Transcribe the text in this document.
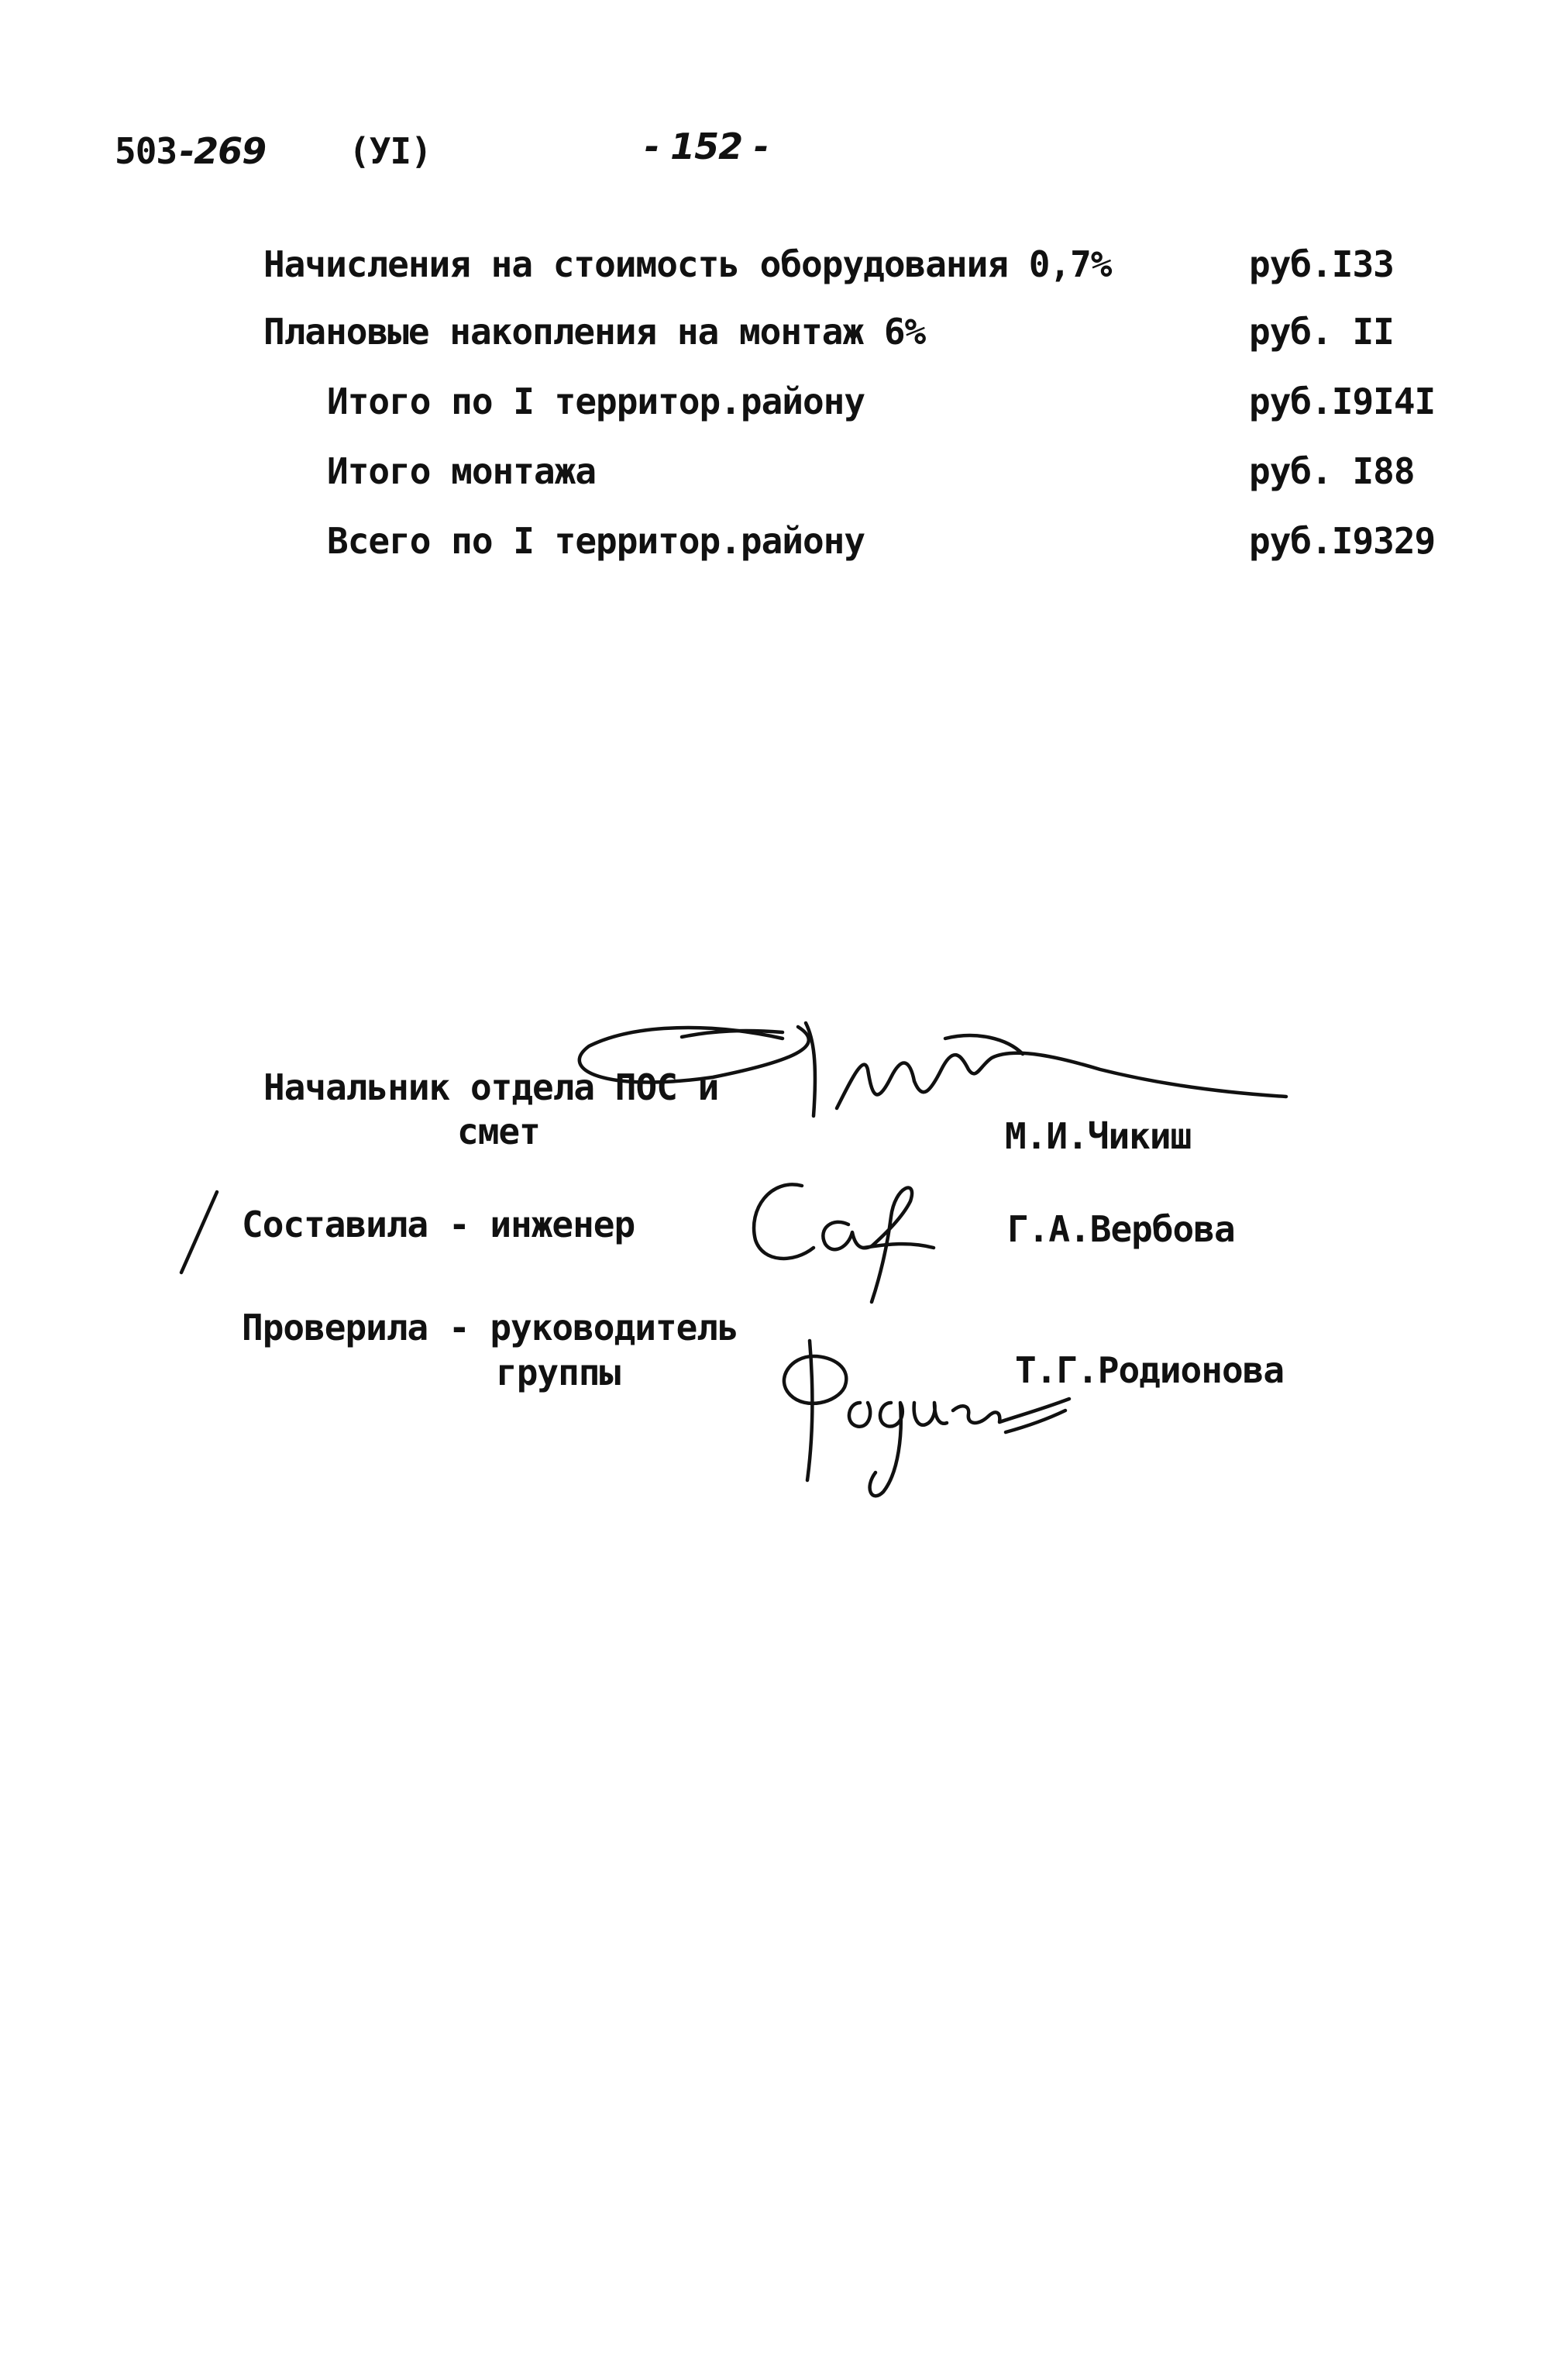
503 -269 (УI)	- 152 -
Начисления на стоимость оборудования 0,7%	руб.I33
Плановые накопления на монтаж 6%	руб. II
Итого по I территор.району	руб.I9I4I
Итого монтажа	руб. I88
Всего по I территор.району	руб.I9329
Начальник отдела ПОС и
смет	М.И.Чикиш
Составила - инженер	Г.А.Вербова
Проверила - руководитель
группы	Т.Г.Родионова
